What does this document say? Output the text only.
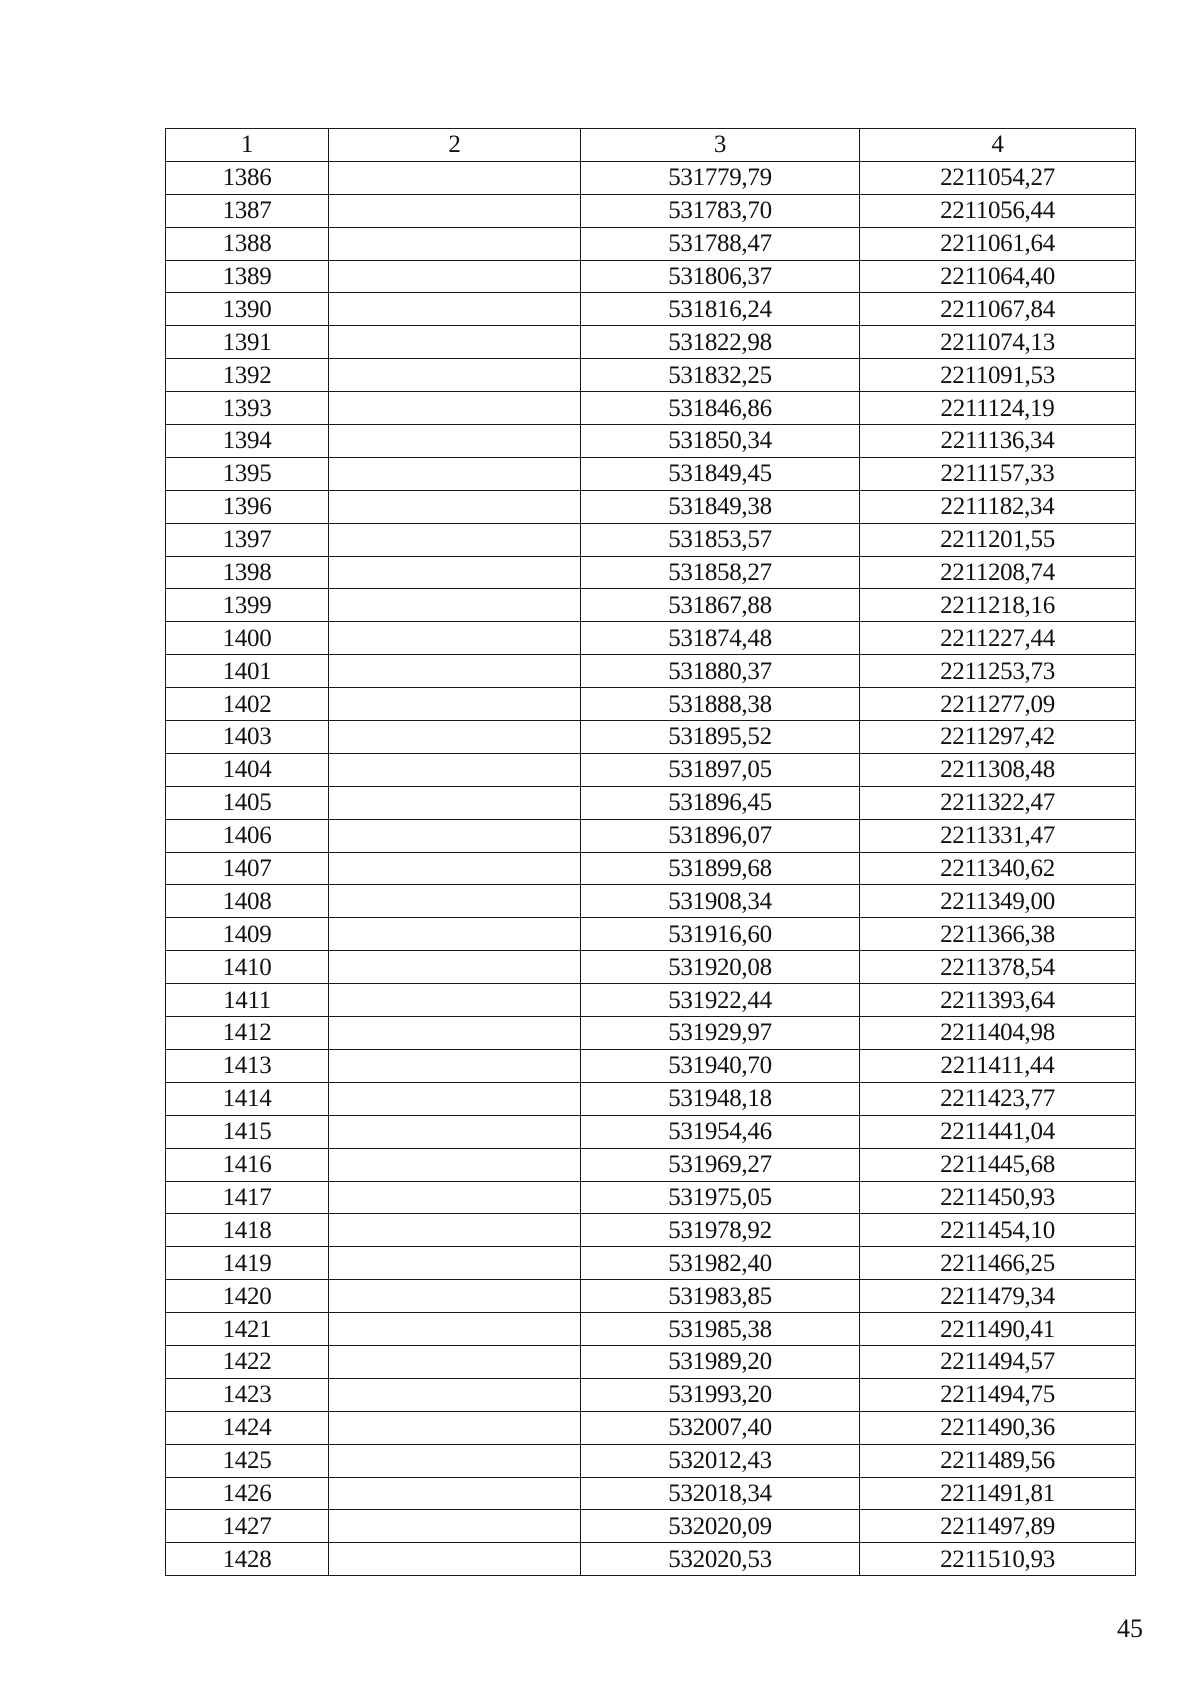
1	2	3	4
1386		531779,79	2211054,27
1387		531783,70	2211056,44
1388		531788,47	2211061,64
1389		531806,37	2211064,40
1390		531816,24	2211067,84
1391		531822,98	2211074,13
1392		531832,25	2211091,53
1393		531846,86	2211124,19
1394		531850,34	2211136,34
1395		531849,45	2211157,33
1396		531849,38	2211182,34
1397		531853,57	2211201,55
1398		531858,27	2211208,74
1399		531867,88	2211218,16
1400		531874,48	2211227,44
1401		531880,37	2211253,73
1402		531888,38	2211277,09
1403		531895,52	2211297,42
1404		531897,05	2211308,48
1405		531896,45	2211322,47
1406		531896,07	2211331,47
1407		531899,68	2211340,62
1408		531908,34	2211349,00
1409		531916,60	2211366,38
1410		531920,08	2211378,54
1411		531922,44	2211393,64
1412		531929,97	2211404,98
1413		531940,70	2211411,44
1414		531948,18	2211423,77
1415		531954,46	2211441,04
1416		531969,27	2211445,68
1417		531975,05	2211450,93
1418		531978,92	2211454,10
1419		531982,40	2211466,25
1420		531983,85	2211479,34
1421		531985,38	2211490,41
1422		531989,20	2211494,57
1423		531993,20	2211494,75
1424		532007,40	2211490,36
1425		532012,43	2211489,56
1426		532018,34	2211491,81
1427		532020,09	2211497,89
1428		532020,53	2211510,93
45
